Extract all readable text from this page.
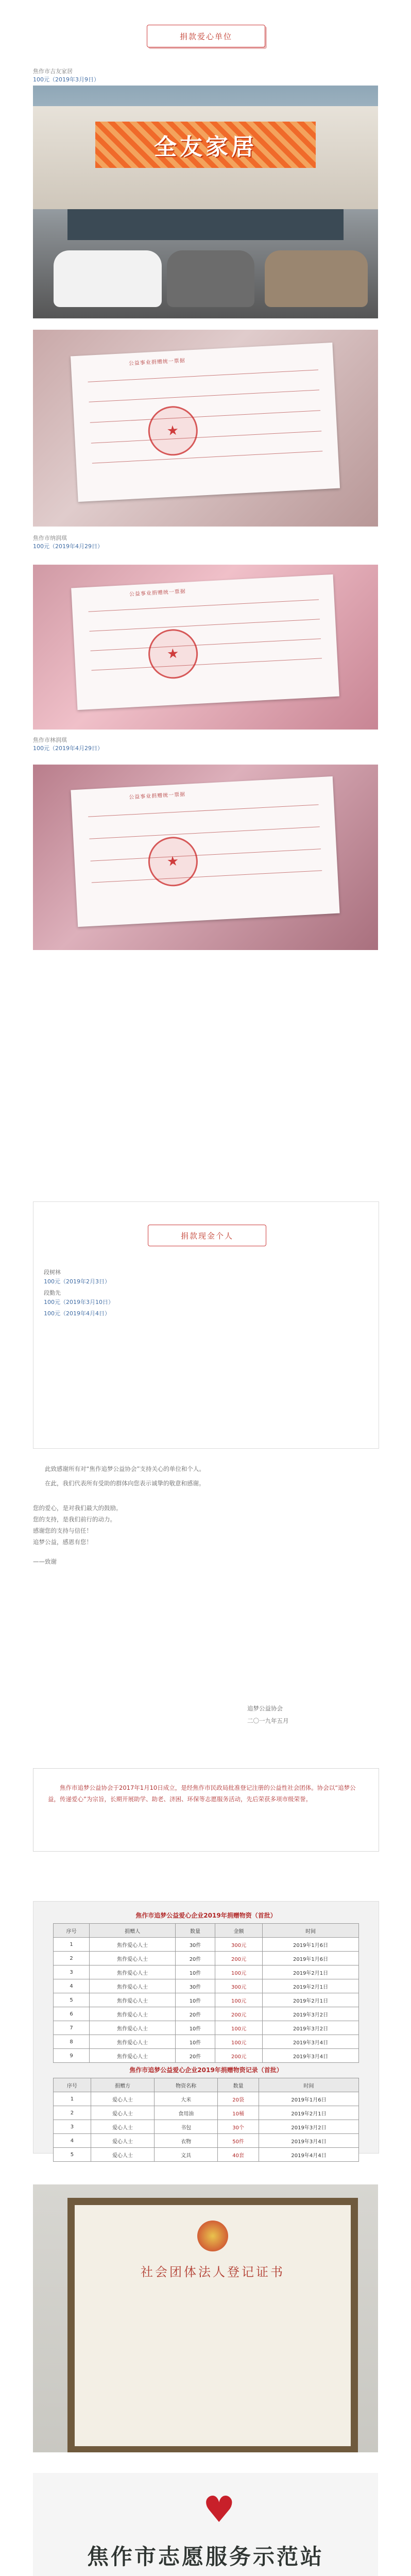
捐款爱心单位
焦作市吉友家居
100元（2019年3月9日）
全友家居
公益事业捐赠统一票据
★
焦作市纳润琪
100元（2019年4月29日）
公益事业捐赠统一票据
★
焦作市林润琪
100元（2019年4月29日）
公益事业捐赠统一票据
★
捐款现金个人
段树林
100元（2019年2月3日）
段勤先
100元（2019年3月10日）
100元（2019年4月4日）

此致感谢所有对“焦作追梦公益协会”支持关心的单位和个人。

在此，我们代表所有受助的群体向您表示诚挚的敬意和感谢。

您的爱心，是对我们最大的鼓励。
您的支持，是我们前行的动力。
感谢您的支持与信任！
追梦公益，感恩有您！
——致谢
追梦公益协会
二〇一九年五月

焦作市追梦公益协会于2017年1月10日成立，是经焦作市民政局批准登记注册的公益性社会团体。协会以“追梦公益，传递爱心”为宗旨，长期开展助学、助老、济困、环保等志愿服务活动，先后荣获多项市级荣誉。

焦作市追梦公益爱心企业2019年捐赠物资（首批）
序号	捐赠人	数量	金额	时间
1	焦作爱心人士	30件	300元	2019年1月6日
2	焦作爱心人士	20件	200元	2019年1月6日
3	焦作爱心人士	10件	100元	2019年2月1日
4	焦作爱心人士	30件	300元	2019年2月1日
5	焦作爱心人士	10件	100元	2019年2月1日
6	焦作爱心人士	20件	200元	2019年3月2日
7	焦作爱心人士	10件	100元	2019年3月2日
8	焦作爱心人士	10件	100元	2019年3月4日
9	焦作爱心人士	20件	200元	2019年3月4日
焦作市追梦公益爱心企业2019年捐赠物资记录（首批）
序号	捐赠方	物资名称	数量	时间
1	爱心人士	大米	20袋	2019年1月6日
2	爱心人士	食用油	10桶	2019年2月1日
3	爱心人士	书包	30个	2019年3月2日
4	爱心人士	衣物	50件	2019年3月4日
5	爱心人士	文具	40套	2019年4月4日
社会团体法人登记证书
♥
焦作市志愿服务示范站
